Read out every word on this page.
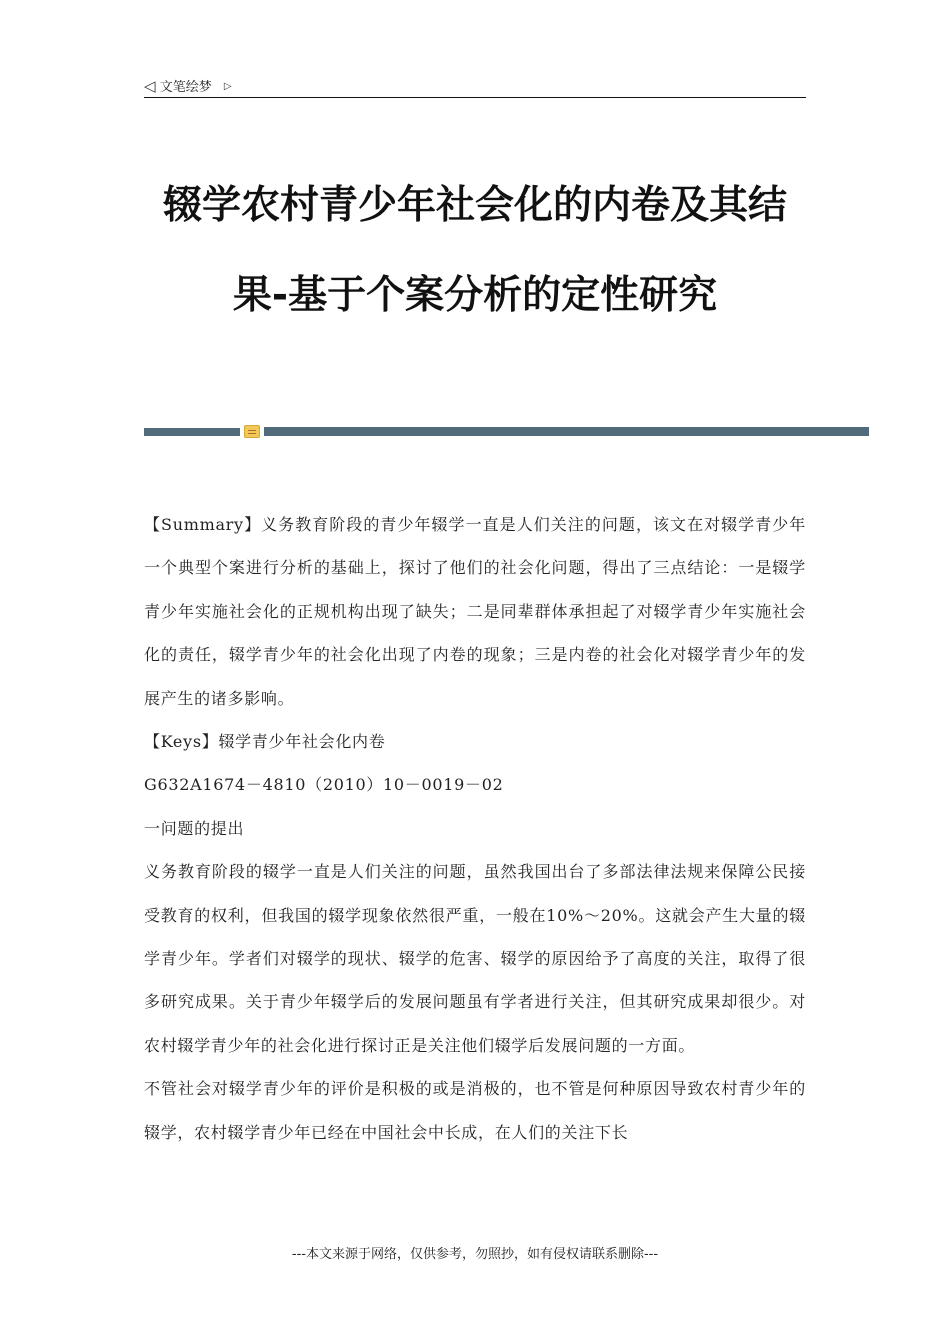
◁ 文笔绘梦 ▷
辍学农村青少年社会化的内卷及其结
果-基于个案分析的定性研究

【Summary】义务教育阶段的青少年辍学一直是人们关注的问题，该文在对辍学青少年一个典型个案进行分析的基础上，探讨了他们的社会化问题，得出了三点结论：一是辍学青少年实施社会化的正规机构出现了缺失；二是同辈群体承担起了对辍学青少年实施社会化的责任，辍学青少年的社会化出现了内卷的现象；三是内卷的社会化对辍学青少年的发展产生的诸多影响。

【Keys】辍学青少年社会化内卷

G632A1674－4810（2010）10－0019－02

一问题的提出

义务教育阶段的辍学一直是人们关注的问题，虽然我国出台了多部法律法规来保障公民接受教育的权利，但我国的辍学现象依然很严重，一般在10%～20%。这就会产生大量的辍学青少年。学者们对辍学的现状、辍学的危害、辍学的原因给予了高度的关注，取得了很多研究成果。关于青少年辍学后的发展问题虽有学者进行关注，但其研究成果却很少。对农村辍学青少年的社会化进行探讨正是关注他们辍学后发展问题的一方面。

不管社会对辍学青少年的评价是积极的或是消极的，也不管是何种原因导致农村青少年的辍学，农村辍学青少年已经在中国社会中长成，在人们的关注下长

---本文来源于网络，仅供参考，勿照抄，如有侵权请联系删除---
